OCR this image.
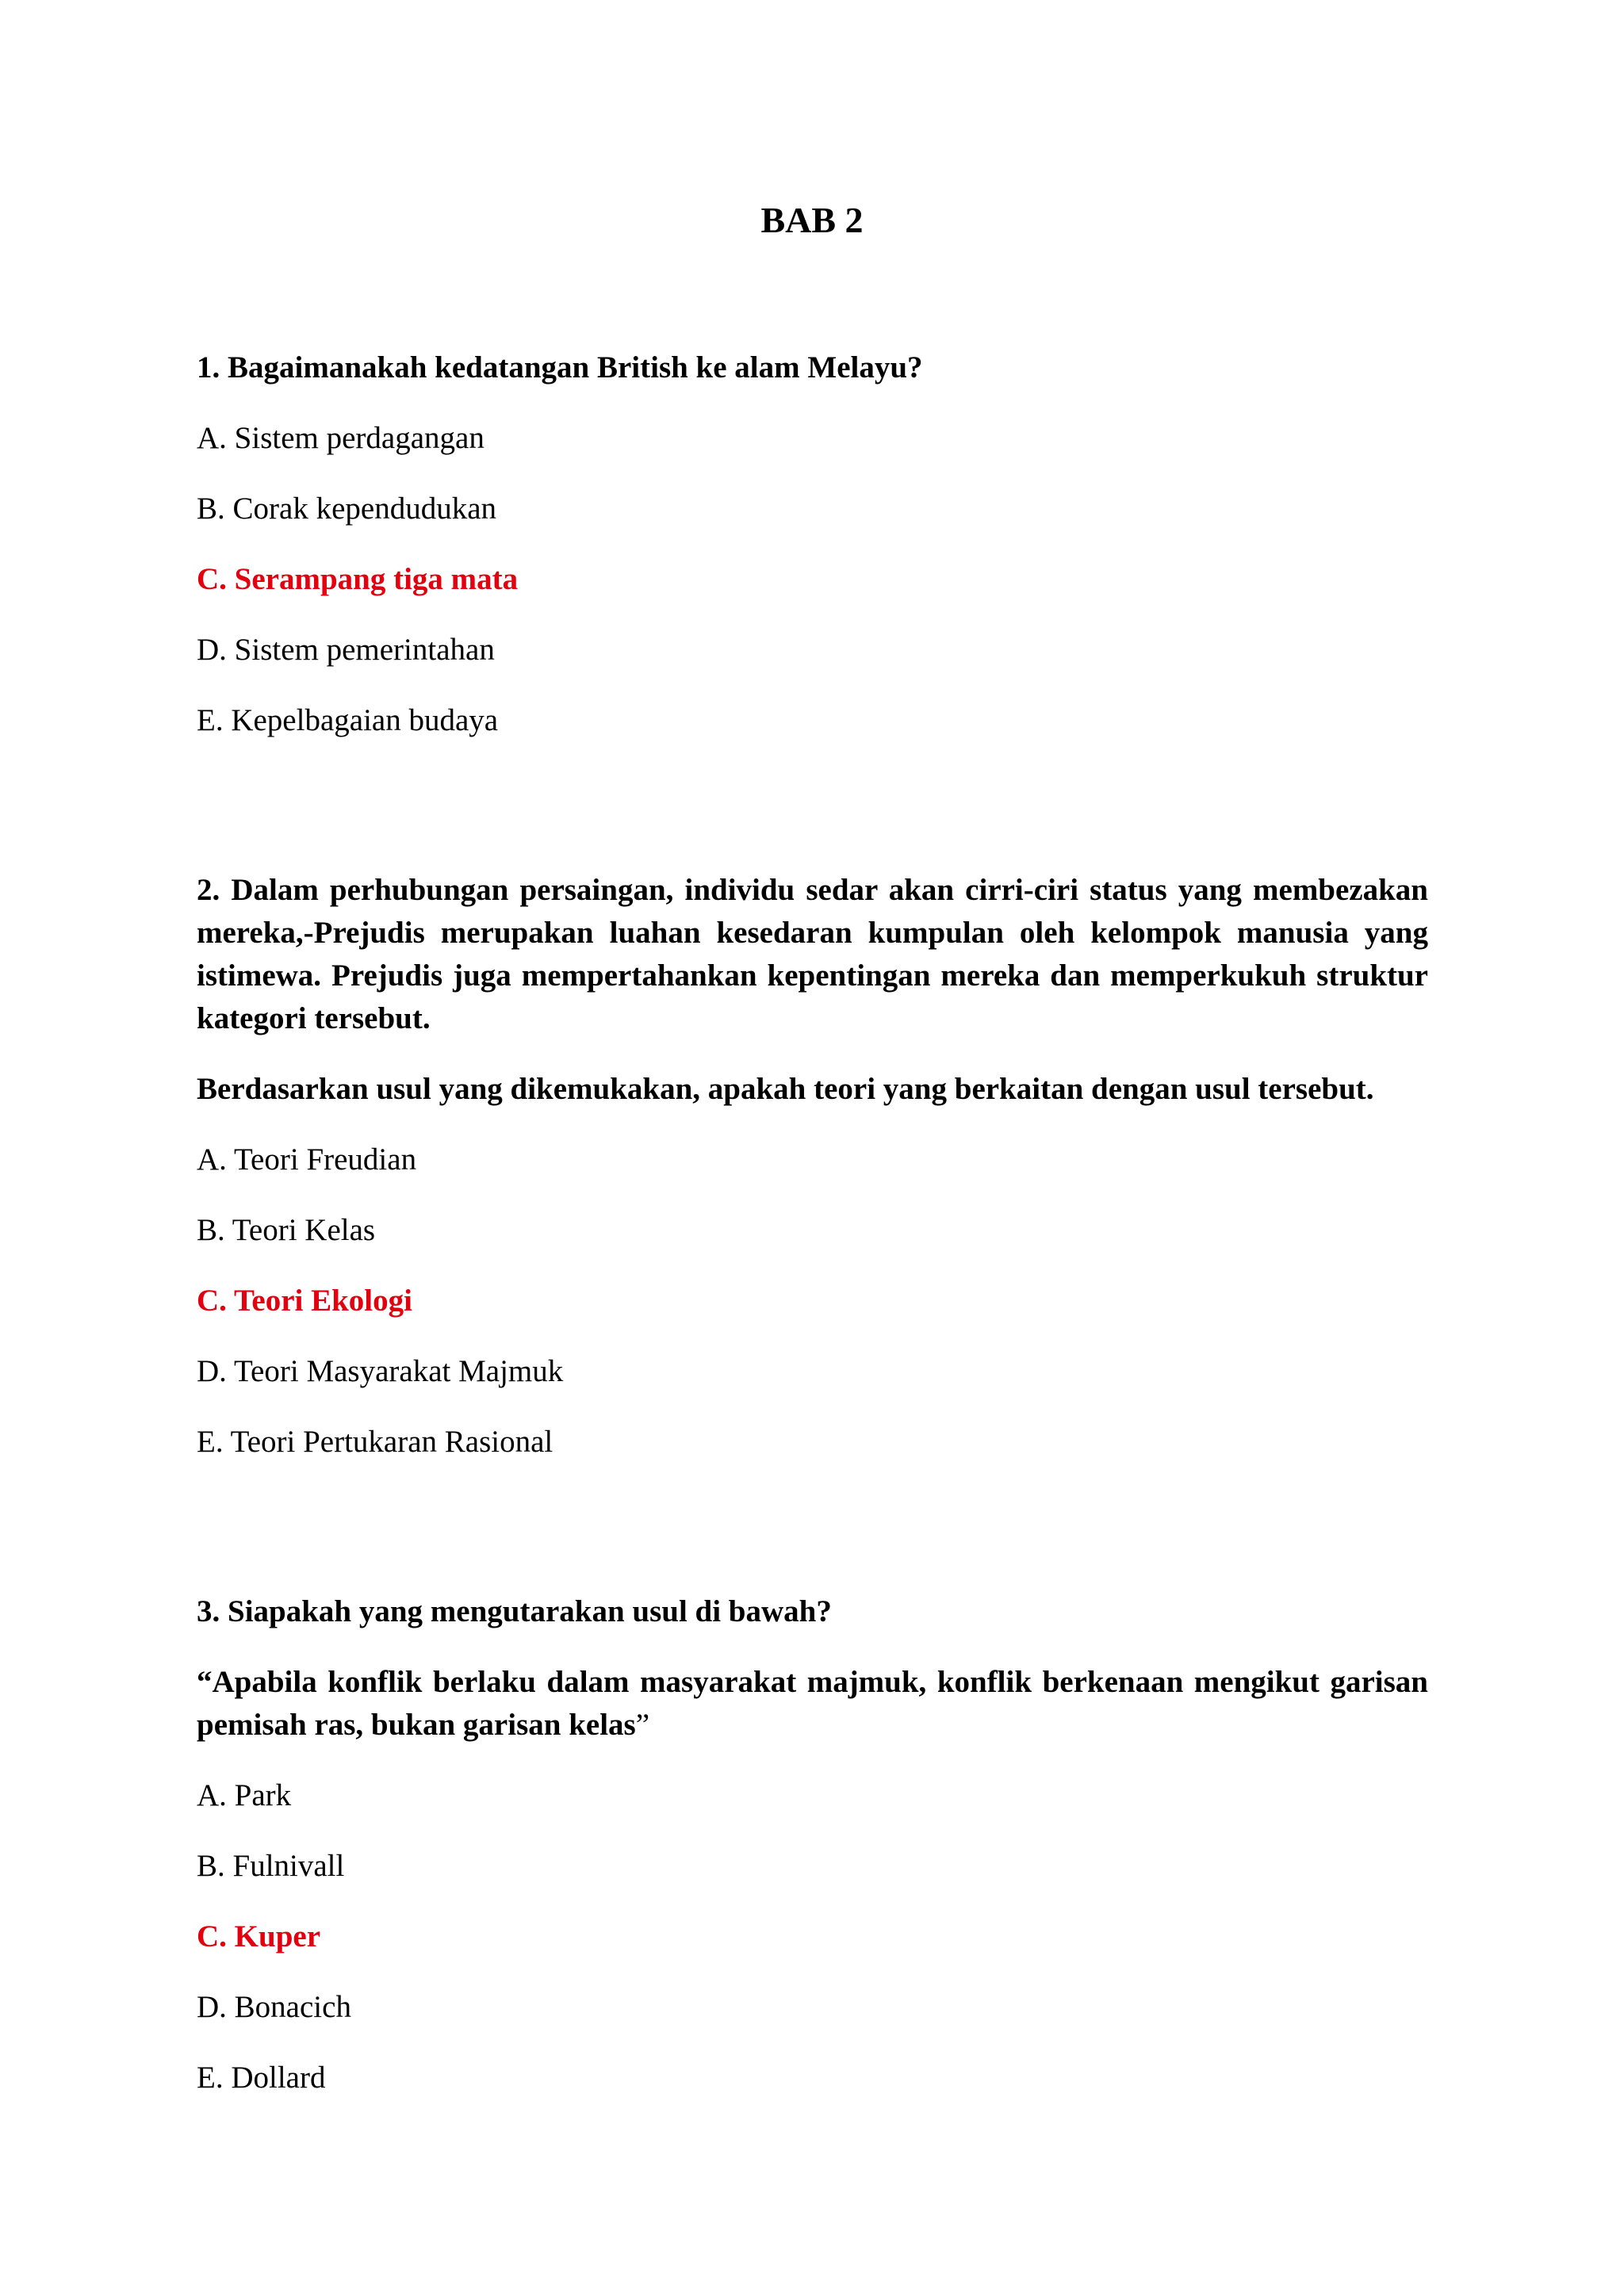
BAB 2

1. Bagaimanakah kedatangan British ke alam Melayu?

A. Sistem perdagangan
B. Corak kependudukan
C. Serampang tiga mata
D. Sistem pemerintahan
E. Kepelbagaian budaya

2. Dalam perhubungan persaingan, individu sedar akan cirri-ciri status yang membezakan mereka,-Prejudis merupakan luahan kesedaran kumpulan oleh kelompok manusia yang istimewa. Prejudis juga mempertahankan kepentingan mereka dan memperkukuh struktur kategori tersebut.

Berdasarkan usul yang dikemukakan, apakah teori yang berkaitan dengan usul tersebut.

A. Teori Freudian
B. Teori Kelas
C. Teori Ekologi
D. Teori Masyarakat Majmuk
E. Teori Pertukaran Rasional

3. Siapakah yang mengutarakan usul di bawah?

“Apabila konflik berlaku dalam masyarakat majmuk, konflik berkenaan mengikut garisan pemisah ras, bukan garisan kelas”

A. Park
B. Fulnivall
C. Kuper
D. Bonacich
E. Dollard
